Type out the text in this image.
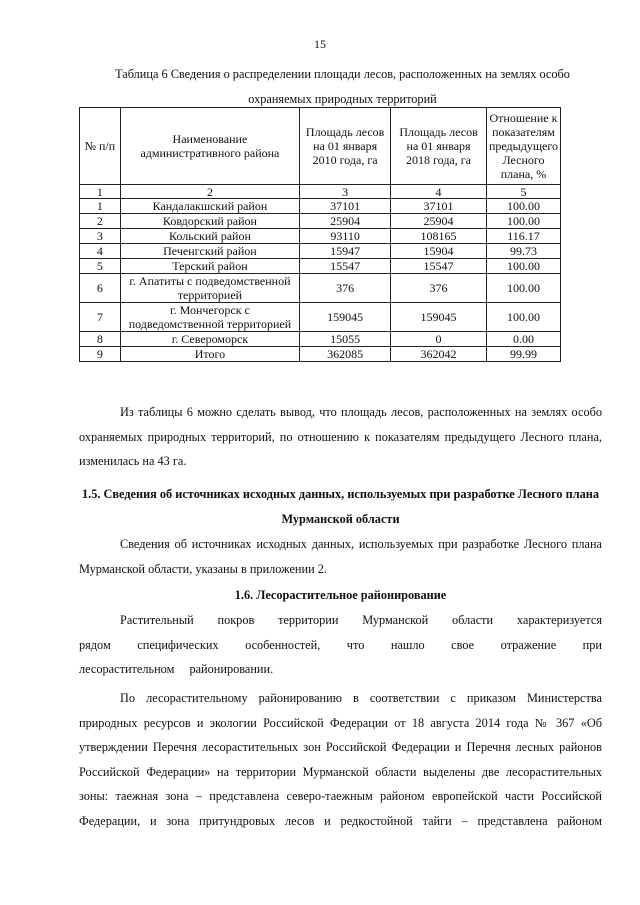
15
Таблица 6 Сведения о распределении площади лесов, расположенных на землях особо охраняемых природных территорий
№ п/п	Наименование административного района	Площадь лесов на 01 января 2010 года, га	Площадь лесов на 01 января 2018 года, га	Отношение к показателям предыдущего Лесного плана, %
1	2	3	4	5
1	Кандалакшский район	37101	37101	100.00
2	Ковдорский район	25904	25904	100.00
3	Кольский район	93110	108165	116.17
4	Печенгский район	15947	15904	99.73
5	Терский район	15547	15547	100.00
6	г. Апатиты с подведомственной территорией	376	376	100.00
7	г. Мончегорск с подведомственной территорией	159045	159045	100.00
8	г. Североморск	15055	0	0.00
9	Итого	362085	362042	99.99
Из таблицы 6 можно сделать вывод, что площадь лесов, расположенных на землях особо охраняемых природных территорий, по отношению к показателям предыдущего Лесного плана, изменилась на 43 га.
1.5. Сведения об источниках исходных данных, используемых при разработке Лесного плана Мурманской области
Сведения об источниках исходных данных, используемых при разработке Лесного плана Мурманской области, указаны в приложении 2.
1.6. Лесорастительное районирование
Растительный покров территории Мурманской области характеризуется рядом специфических особенностей, что нашло свое отражение при лесорастительном районировании.
По лесорастительному районированию в соответствии с приказом Министерства природных ресурсов и экологии Российской Федерации от 18 августа 2014 года № 367 «Об утверждении Перечня лесорастительных зон Российской Федерации и Перечня лесных районов Российской Федерации» на территории Мурманской области выделены две лесорастительных зоны: таежная зона – представлена северо-таежным районом европейской части Российской Федерации, и зона притундровых лесов и редкостойной тайги – представлена районом
